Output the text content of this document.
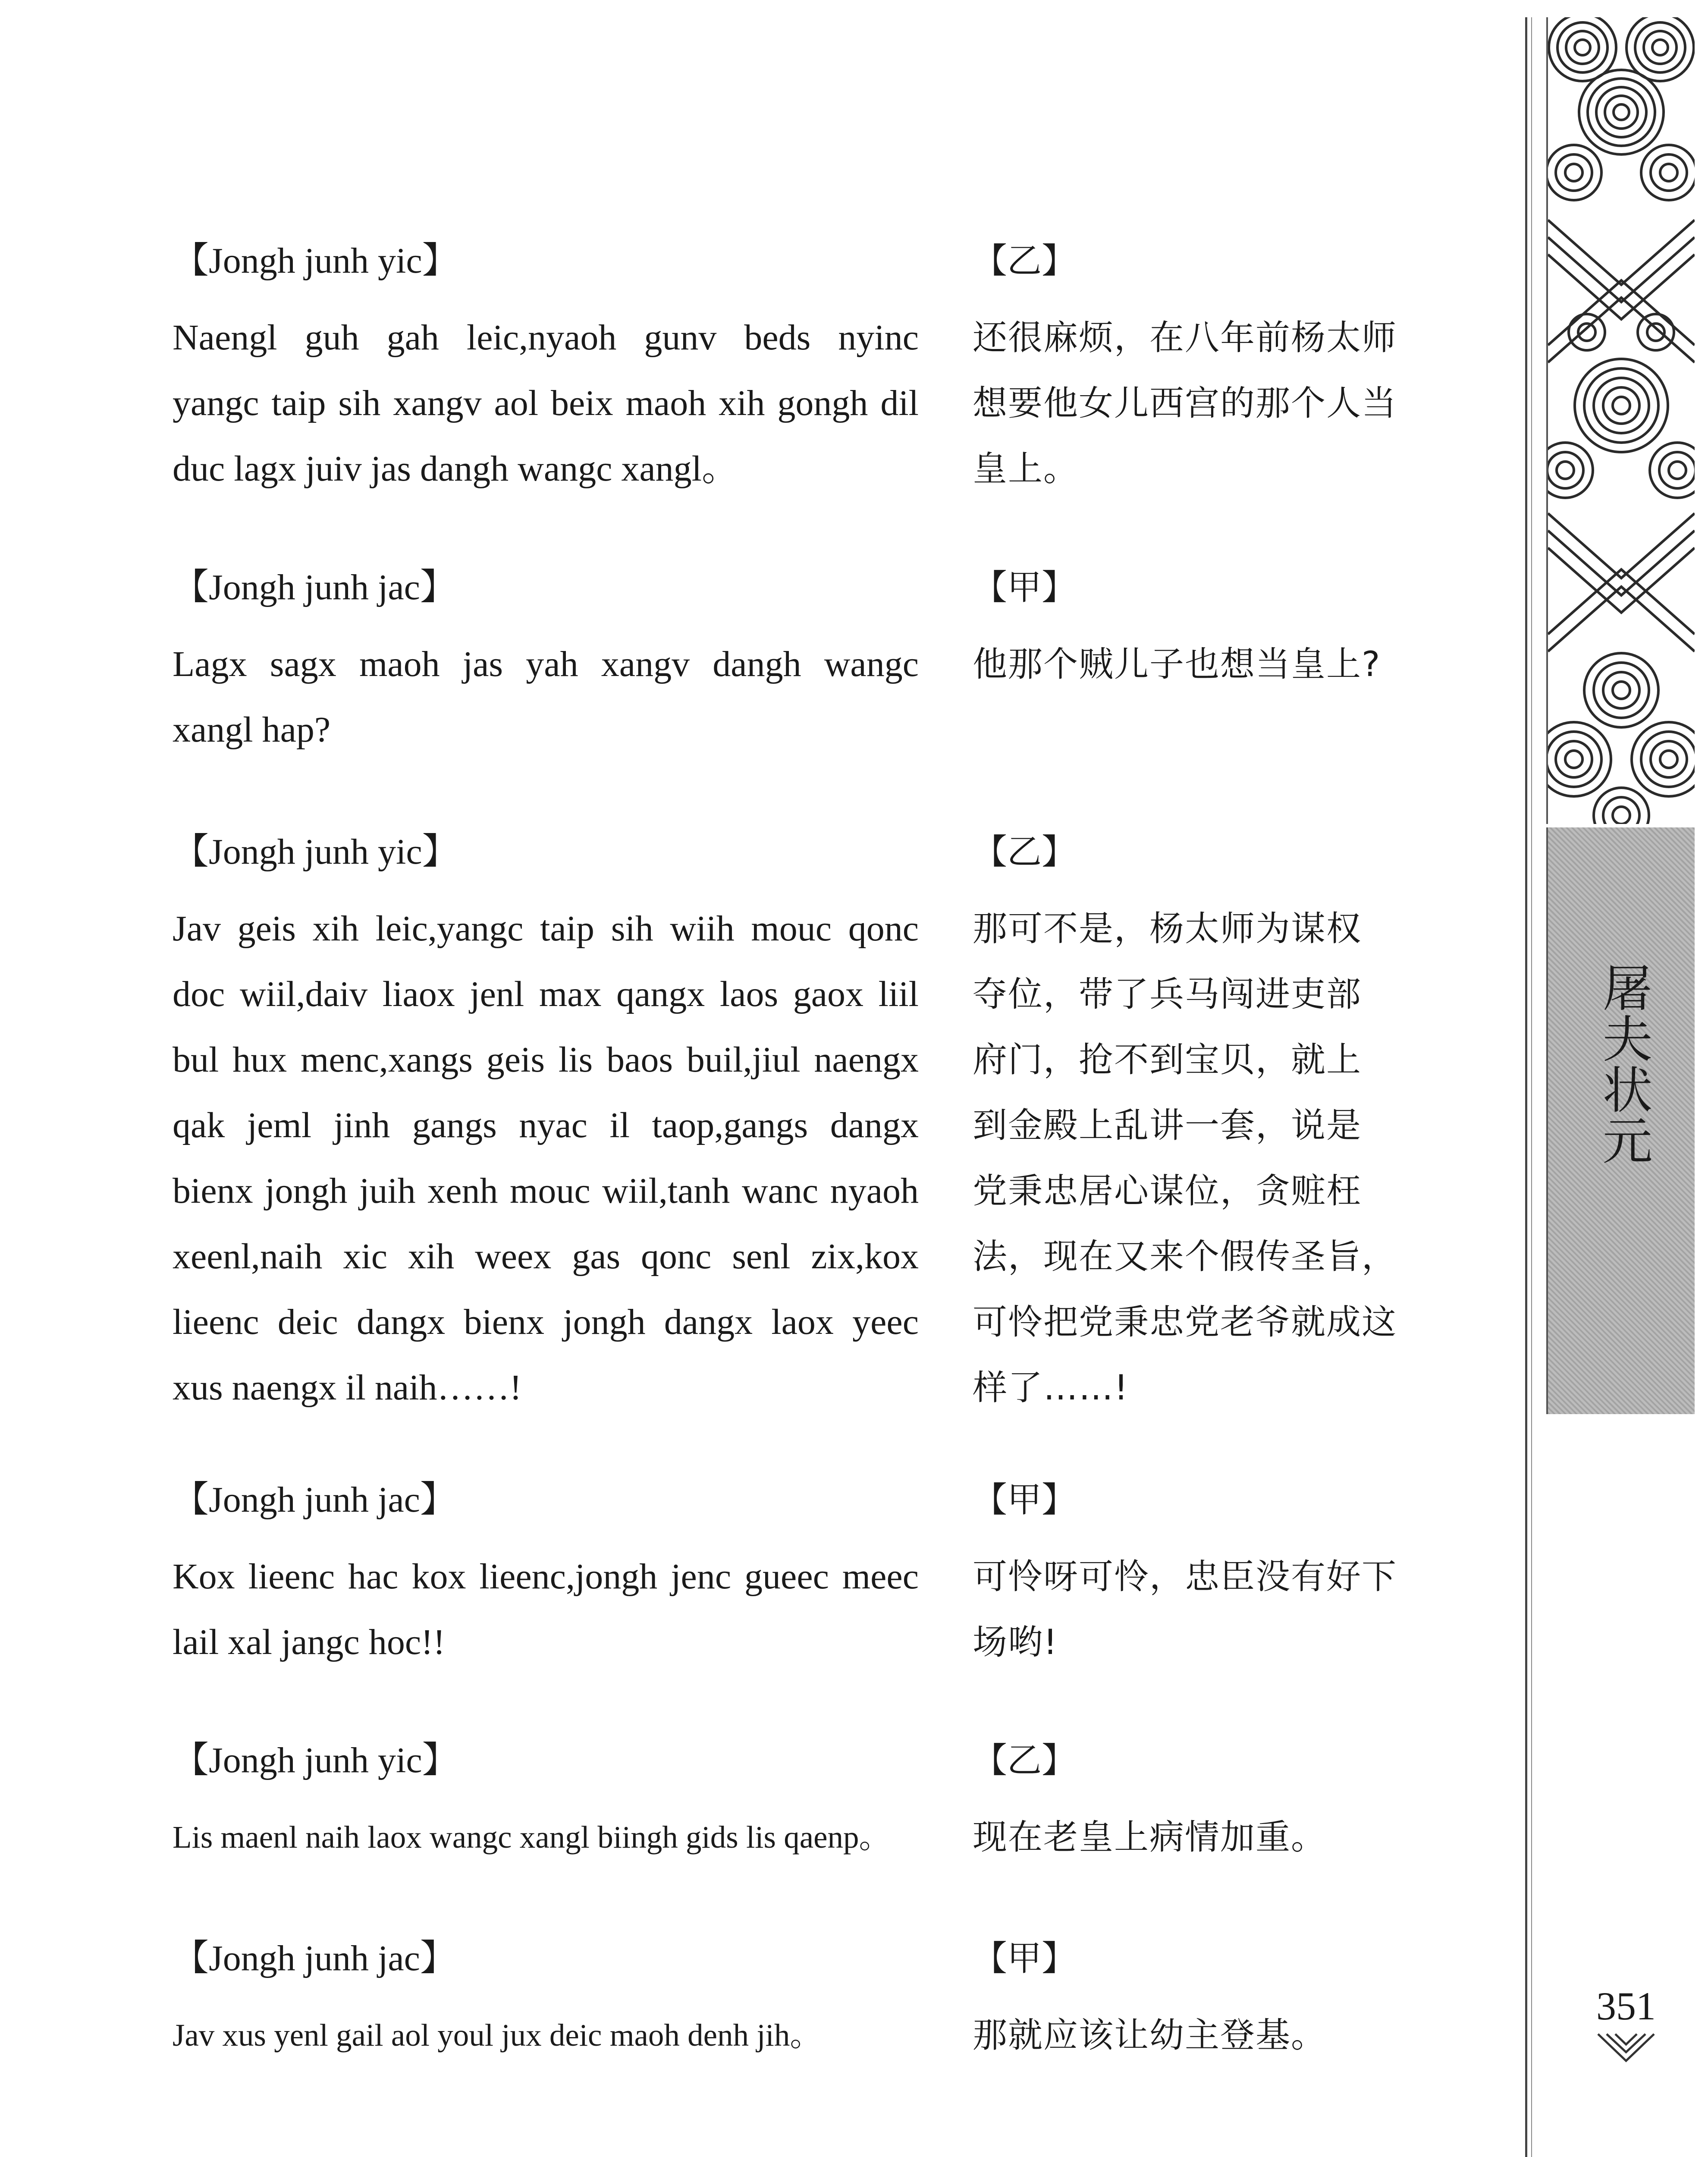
【Jongh junh yic】
Naengl guh gah leic,nyaoh gunv beds nyinc
yangc taip sih xangv aol beix maoh xih gongh dil
duc lagx juiv jas dangh wangc xangl。
【乙】
还很麻烦，在八年前杨太师
想要他女儿西宫的那个人当
皇上。
【Jongh junh jac】
Lagx sagx maoh jas yah xangv dangh wangc
xangl hap?
【甲】
他那个贼儿子也想当皇上?
【Jongh junh yic】
Jav geis xih leic,yangc taip sih wiih mouc qonc
doc wiil,daiv liaox jenl max qangx laos gaox liil
bul hux menc,xangs geis lis baos buil,jiul naengx
qak jeml jinh gangs nyac il taop,gangs dangx
bienx jongh juih xenh mouc wiil,tanh wanc nyaoh
xeenl,naih xic xih weex gas qonc senl zix,kox
lieenc deic dangx bienx jongh dangx laox yeec
xus naengx il naih……!
【乙】
那可不是，杨太师为谋权
夺位，带了兵马闯进吏部
府门，抢不到宝贝，就上
到金殿上乱讲一套，说是
党秉忠居心谋位，贪赃枉
法，现在又来个假传圣旨，
可怜把党秉忠党老爷就成这
样了……!
【Jongh junh jac】
Kox lieenc hac kox lieenc,jongh jenc gueec meec
lail xal jangc hoc!!
【甲】
可怜呀可怜，忠臣没有好下
场哟!
【Jongh junh yic】
Lis maenl naih laox wangc xangl biingh gids lis qaenp。
【乙】
现在老皇上病情加重。
【Jongh junh jac】
Jav xus yenl gail aol youl jux deic maoh denh jih。
【甲】
那就应该让幼主登基。
屠夫状元
351
